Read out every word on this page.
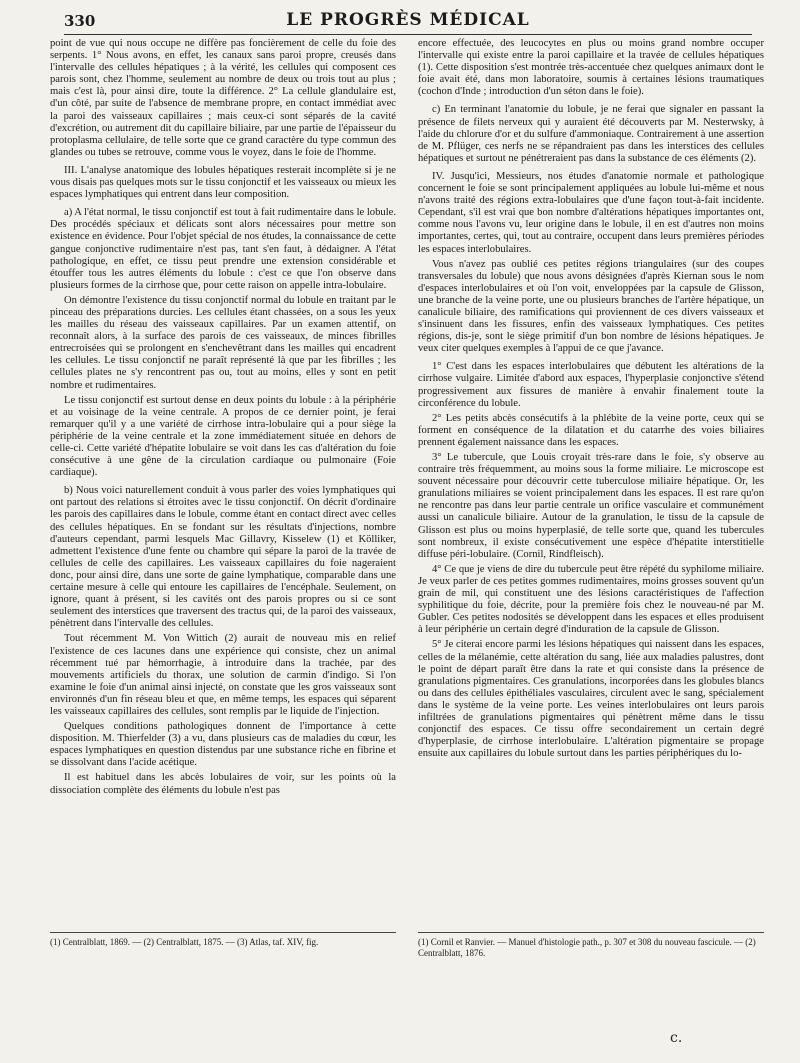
330	LE PROGRÈS MÉDICAL

point de vue qui nous occupe ne diffère pas foncièrement de celle du foie des serpents. 1° Nous avons, en effet, les canaux sans paroi propre, creusés dans l'intervalle des cellules hépatiques ; à la vérité, les cellules qui composent ces parois sont, chez l'homme, seulement au nombre de deux ou trois tout au plus ; mais c'est là, pour ainsi dire, toute la différence. 2° La cellule glandulaire est, d'un côté, par suite de l'absence de membrane propre, en contact immédiat avec la paroi des vaisseaux capillaires ; mais ceux-ci sont séparés de la cavité d'excrétion, ou autrement dit du capillaire biliaire, par une partie de l'épaisseur du protoplasma cellulaire, de telle sorte que ce grand caractère du type commun des glandes ou tubes se retrouve, comme vous le voyez, dans le foie de l'homme.

III. L'analyse anatomique des lobules hépatiques resterait incomplète si je ne vous disais pas quelques mots sur le tissu conjonctif et les vaisseaux ou mieux les espaces lymphatiques qui entrent dans leur composition.

a) A l'état normal, le tissu conjonctif est tout à fait rudimentaire dans le lobule. Des procédés spéciaux et délicats sont alors nécessaires pour mettre son existence en évidence. Pour l'objet spécial de nos études, la connaissance de cette gangue conjonctive rudimentaire n'est pas, tant s'en faut, à dédaigner. A l'état pathologique, en effet, ce tissu peut prendre une extension considérable et étouffer tous les autres éléments du lobule : c'est ce que l'on observe dans plusieurs formes de la cirrhose que, pour cette raison on appelle intra-lobulaire.

On démontre l'existence du tissu conjonctif normal du lobule en traitant par le pinceau des préparations durcies. Les cellules étant chassées, on a sous les yeux les mailles du réseau des vaisseaux capillaires. Par un examen attentif, on reconnaît alors, à la surface des parois de ces vaisseaux, de minces fibrilles entrecroisées qui se prolongent en s'enchevêtrant dans les mailles qui encadrent les cellules. Le tissu conjonctif ne paraît représenté là que par les fibrilles ; les cellules plates ne s'y rencontrent pas ou, tout au moins, elles y sont en petit nombre et rudimentaires.

Le tissu conjonctif est surtout dense en deux points du lobule : à la périphérie et au voisinage de la veine centrale. A propos de ce dernier point, je ferai remarquer qu'il y a une variété de cirrhose intra-lobulaire qui a pour siège la périphérie de la veine centrale et la zone immédiatement située en dehors de celle-ci. Cette variété d'hépatite lobulaire se voit dans les cas d'altération du foie consécutive à une gêne de la circulation cardiaque ou pulmonaire (Foie cardiaque).

b) Nous voici naturellement conduit à vous parler des voies lymphatiques qui ont partout des relations si étroites avec le tissu conjonctif. On décrit d'ordinaire les parois des capillaires dans le lobule, comme étant en contact direct avec celles des cellules hépatiques. En se fondant sur les résultats d'injections, nombre d'auteurs cependant, parmi lesquels Mac Gillavry, Kisselew (1) et Kölliker, admettent l'existence d'une fente ou chambre qui sépare la paroi de la travée de cellules de celle des capillaires. Les vaisseaux capillaires du foie nageraient donc, pour ainsi dire, dans une sorte de gaine lymphatique, comparable dans une certaine mesure à celle qui entoure les capillaires de l'encéphale. Seulement, on ignore, quant à présent, si les cavités ont des parois propres ou si ce sont seulement des interstices que traversent des tractus qui, de la paroi des vaisseaux, pénètrent dans l'intervalle des cellules.

Tout récemment M. Von Wittich (2) aurait de nouveau mis en relief l'existence de ces lacunes dans une expérience qui consiste, chez un animal récemment tué par hémorrhagie, à introduire dans la trachée, par des mouvements artificiels du thorax, une solution de carmin d'indigo. Si l'on examine le foie d'un animal ainsi injecté, on constate que les gros vaisseaux sont environnés d'un fin réseau bleu et que, en même temps, les espaces qui séparent les vaisseaux capillaires des cellules, sont remplis par le liquide de l'injection.

Quelques conditions pathologiques donnent de l'importance à cette disposition. M. Thierfelder (3) a vu, dans plusieurs cas de maladies du cœur, les espaces lymphatiques en question distendus par une substance riche en fibrine et se dissolvant dans l'acide acétique.

Il est habituel dans les abcès lobulaires de voir, sur les points où la dissociation complète des éléments du lobule n'est pas

encore effectuée, des leucocytes en plus ou moins grand nombre occuper l'intervalle qui existe entre la paroi capillaire et la travée de cellules hépatiques (1). Cette disposition s'est montrée très-accentuée chez quelques animaux dont le foie avait été, dans mon laboratoire, soumis à certaines lésions traumatiques (cochon d'Inde ; introduction d'un séton dans le foie).

c) En terminant l'anatomie du lobule, je ne ferai que signaler en passant la présence de filets nerveux qui y auraient été découverts par M. Nesterwsky, à l'aide du chlorure d'or et du sulfure d'ammoniaque. Contrairement à une assertion de M. Pflüger, ces nerfs ne se répandraient pas dans les interstices des cellules hépatiques et surtout ne pénétreraient pas dans la substance de ces éléments (2).

IV. Jusqu'ici, Messieurs, nos études d'anatomie normale et pathologique concernent le foie se sont principalement appliquées au lobule lui-même et nous n'avons traité des régions extra-lobulaires que d'une façon tout-à-fait incidente. Cependant, s'il est vrai que bon nombre d'altérations hépatiques importantes ont, comme nous l'avons vu, leur origine dans le lobule, il en est d'autres non moins importantes, certes, qui, tout au contraire, occupent dans leurs premières périodes les espaces interlobulaires.

Vous n'avez pas oublié ces petites régions triangulaires (sur des coupes transversales du lobule) que nous avons désignées d'après Kiernan sous le nom d'espaces interlobulaires et où l'on voit, enveloppées par la capsule de Glisson, une branche de la veine porte, une ou plusieurs branches de l'artère hépatique, un canalicule biliaire, des ramifications qui proviennent de ces divers vaisseaux et s'insinuent dans les fissures, enfin des vaisseaux lymphatiques. Ces petites régions, dis-je, sont le siège primitif d'un bon nombre de lésions hépatiques. Je veux citer quelques exemples à l'appui de ce que j'avance.

1° C'est dans les espaces interlobulaires que débutent les altérations de la cirrhose vulgaire. Limitée d'abord aux espaces, l'hyperplasie conjonctive s'étend progressivement aux fissures de manière à envahir finalement toute la circonférence du lobule.

2° Les petits abcès consécutifs à la phlébite de la veine porte, ceux qui se forment en conséquence de la dilatation et du catarrhe des voies biliaires prennent également naissance dans les espaces.

3° Le tubercule, que Louis croyait très-rare dans le foie, s'y observe au contraire très fréquemment, au moins sous la forme miliaire. Le microscope est souvent nécessaire pour découvrir cette tuberculose miliaire hépatique. Or, les granulations miliaires se voient principalement dans les espaces. Il est rare qu'on ne rencontre pas dans leur partie centrale un orifice vasculaire et communément aussi un canalicule biliaire. Autour de la granulation, le tissu de la capsule de Glisson est plus ou moins hyperplasié, de telle sorte que, quand les tubercules sont nombreux, il existe consécutivement une espèce d'hépatite interstitielle diffuse péri-lobulaire. (Cornil, Rindfleisch).

4° Ce que je viens de dire du tubercule peut être répété du syphilome miliaire. Je veux parler de ces petites gommes rudimentaires, moins grosses souvent qu'un grain de mil, qui constituent une des lésions caractéristiques de l'affection syphilitique du foie, décrite, pour la première fois chez le nouveau-né par M. Gubler. Ces petites nodosités se développent dans les espaces et elles produisent à leur périphérie un certain degré d'induration de la capsule de Glisson.

5° Je citerai encore parmi les lésions hépatiques qui naissent dans les espaces, celles de la mélanémie, cette altération du sang, liée aux maladies palustres, dont le point de départ paraît être dans la rate et qui consiste dans la présence de granulations pigmentaires. Ces granulations, incorporées dans les globules blancs ou dans des cellules épithéliales vasculaires, circulent avec le sang, spécialement dans le système de la veine porte. Les veines interlobulaires ont leurs parois infiltrées de granulations pigmentaires qui pénètrent même dans le tissu conjonctif des espaces. Ce tissu offre secondairement un certain degré d'hyperplasie, de cirrhose interlobulaire. L'altération pigmentaire se propage ensuite aux capillaires du lobule surtout dans les parties périphériques du lo-

(1) Centralblatt, 1869. — (2) Centralblatt, 1875. — (3) Atlas, taf. XIV, fig.	(1) Cornil et Ranvier. — Manuel d'histologie path., p. 307 et 308 du nouveau fascicule. — (2) Centralblatt, 1876.
c.
